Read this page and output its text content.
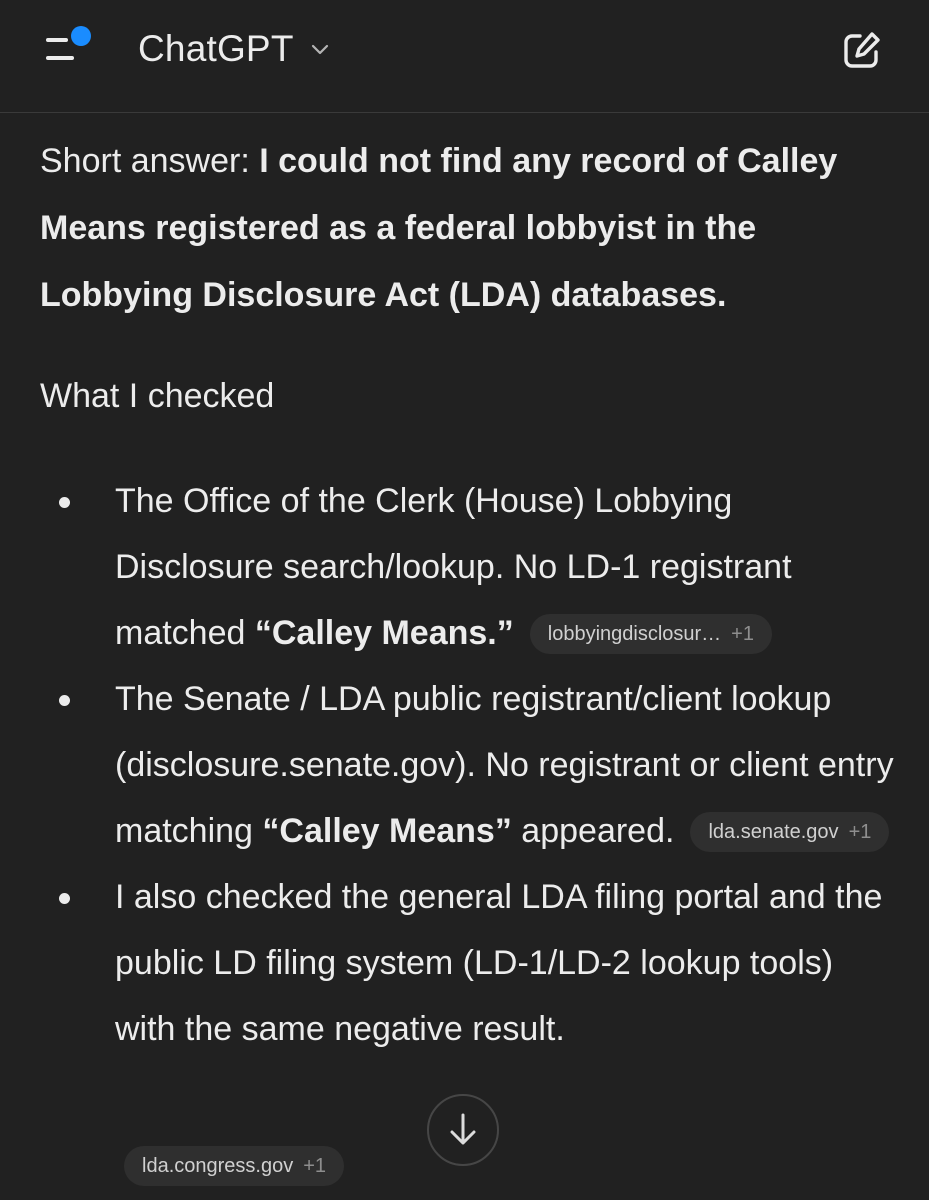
ChatGPT

Short answer: I could not find any record of Calley Means registered as a federal lobbyist in the Lobbying Disclosure Act (LDA) databases.

What I checked

The Office of the Clerk (House) Lobbying Disclosure search/lookup. No LD-1 registrant matched “Calley Means.” lobbyingdisclosur… +1
The Senate / LDA public registrant/client lookup (disclosure.senate.gov). No registrant or client entry matching “Calley Means” appeared. lda.senate.gov +1
I also checked the general LDA filing portal and the public LD filing system (LD-1/LD-2 lookup tools) with the same negative result.
lda.congress.gov +1
